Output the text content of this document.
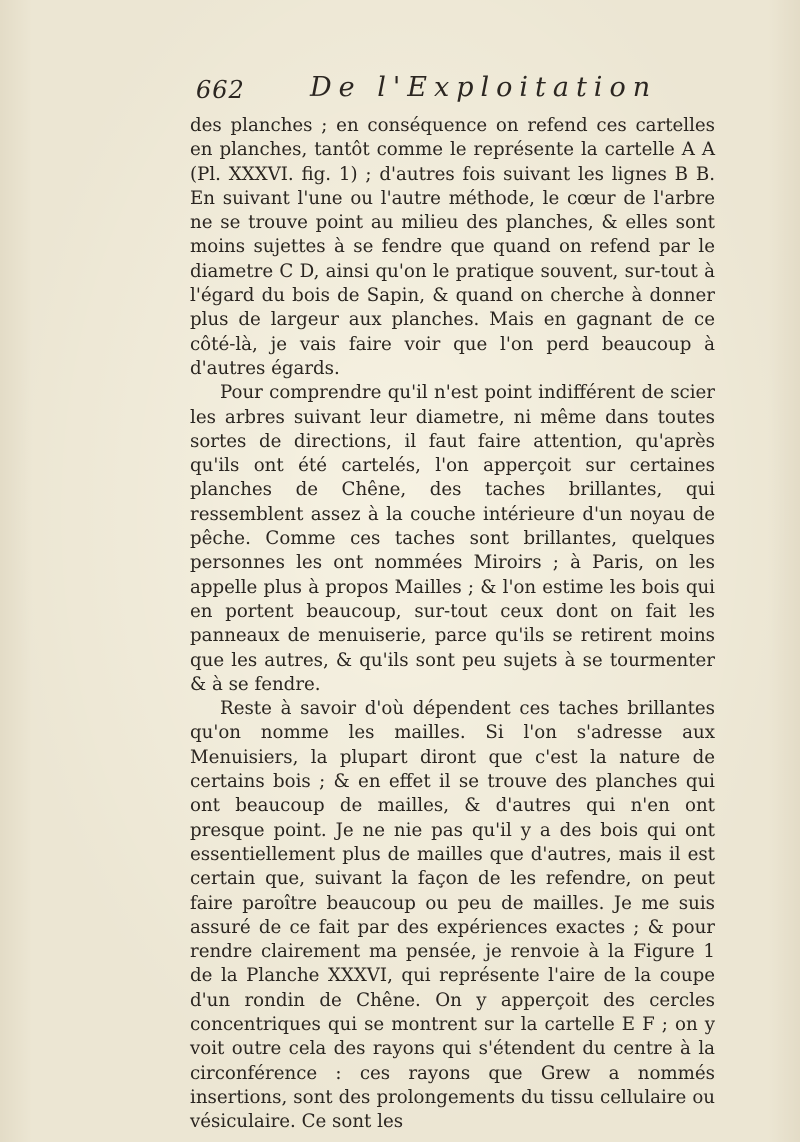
662 De l'Exploitation

des planches ; en conséquence on refend ces cartelles en planches, tantôt comme le représente la cartelle A A (Pl. XXXVI. fig. 1) ; d'autres fois suivant les lignes B B. En suivant l'une ou l'autre méthode, le cœur de l'arbre ne se trouve point au milieu des planches, & elles sont moins sujettes à se fendre que quand on refend par le diametre C D, ainsi qu'on le pratique souvent, sur-tout à l'égard du bois de Sapin, & quand on cherche à donner plus de largeur aux planches. Mais en gagnant de ce côté-là, je vais faire voir que l'on perd beaucoup à d'autres égards.

Pour comprendre qu'il n'est point indifférent de scier les arbres suivant leur diametre, ni même dans toutes sortes de directions, il faut faire attention, qu'après qu'ils ont été cartelés, l'on apperçoit sur certaines planches de Chêne, des taches brillantes, qui ressemblent assez à la couche intérieure d'un noyau de pêche. Comme ces taches sont brillantes, quelques personnes les ont nommées Miroirs ; à Paris, on les appelle plus à propos Mailles ; & l'on estime les bois qui en portent beaucoup, sur-tout ceux dont on fait les panneaux de menuiserie, parce qu'ils se retirent moins que les autres, & qu'ils sont peu sujets à se tourmenter & à se fendre.

Reste à savoir d'où dépendent ces taches brillantes qu'on nomme les mailles. Si l'on s'adresse aux Menuisiers, la plupart diront que c'est la nature de certains bois ; & en effet il se trouve des planches qui ont beaucoup de mailles, & d'autres qui n'en ont presque point. Je ne nie pas qu'il y a des bois qui ont essentiellement plus de mailles que d'autres, mais il est certain que, suivant la façon de les refendre, on peut faire paroître beaucoup ou peu de mailles. Je me suis assuré de ce fait par des expériences exactes ; & pour rendre clairement ma pensée, je renvoie à la Figure 1 de la Planche XXXVI, qui représente l'aire de la coupe d'un rondin de Chêne. On y apperçoit des cercles concentriques qui se montrent sur la cartelle E F ; on y voit outre cela des rayons qui s'étendent du centre à la circonférence : ces rayons que Grew a nommés insertions, sont des prolongements du tissu cellulaire ou vésiculaire. Ce sont les
